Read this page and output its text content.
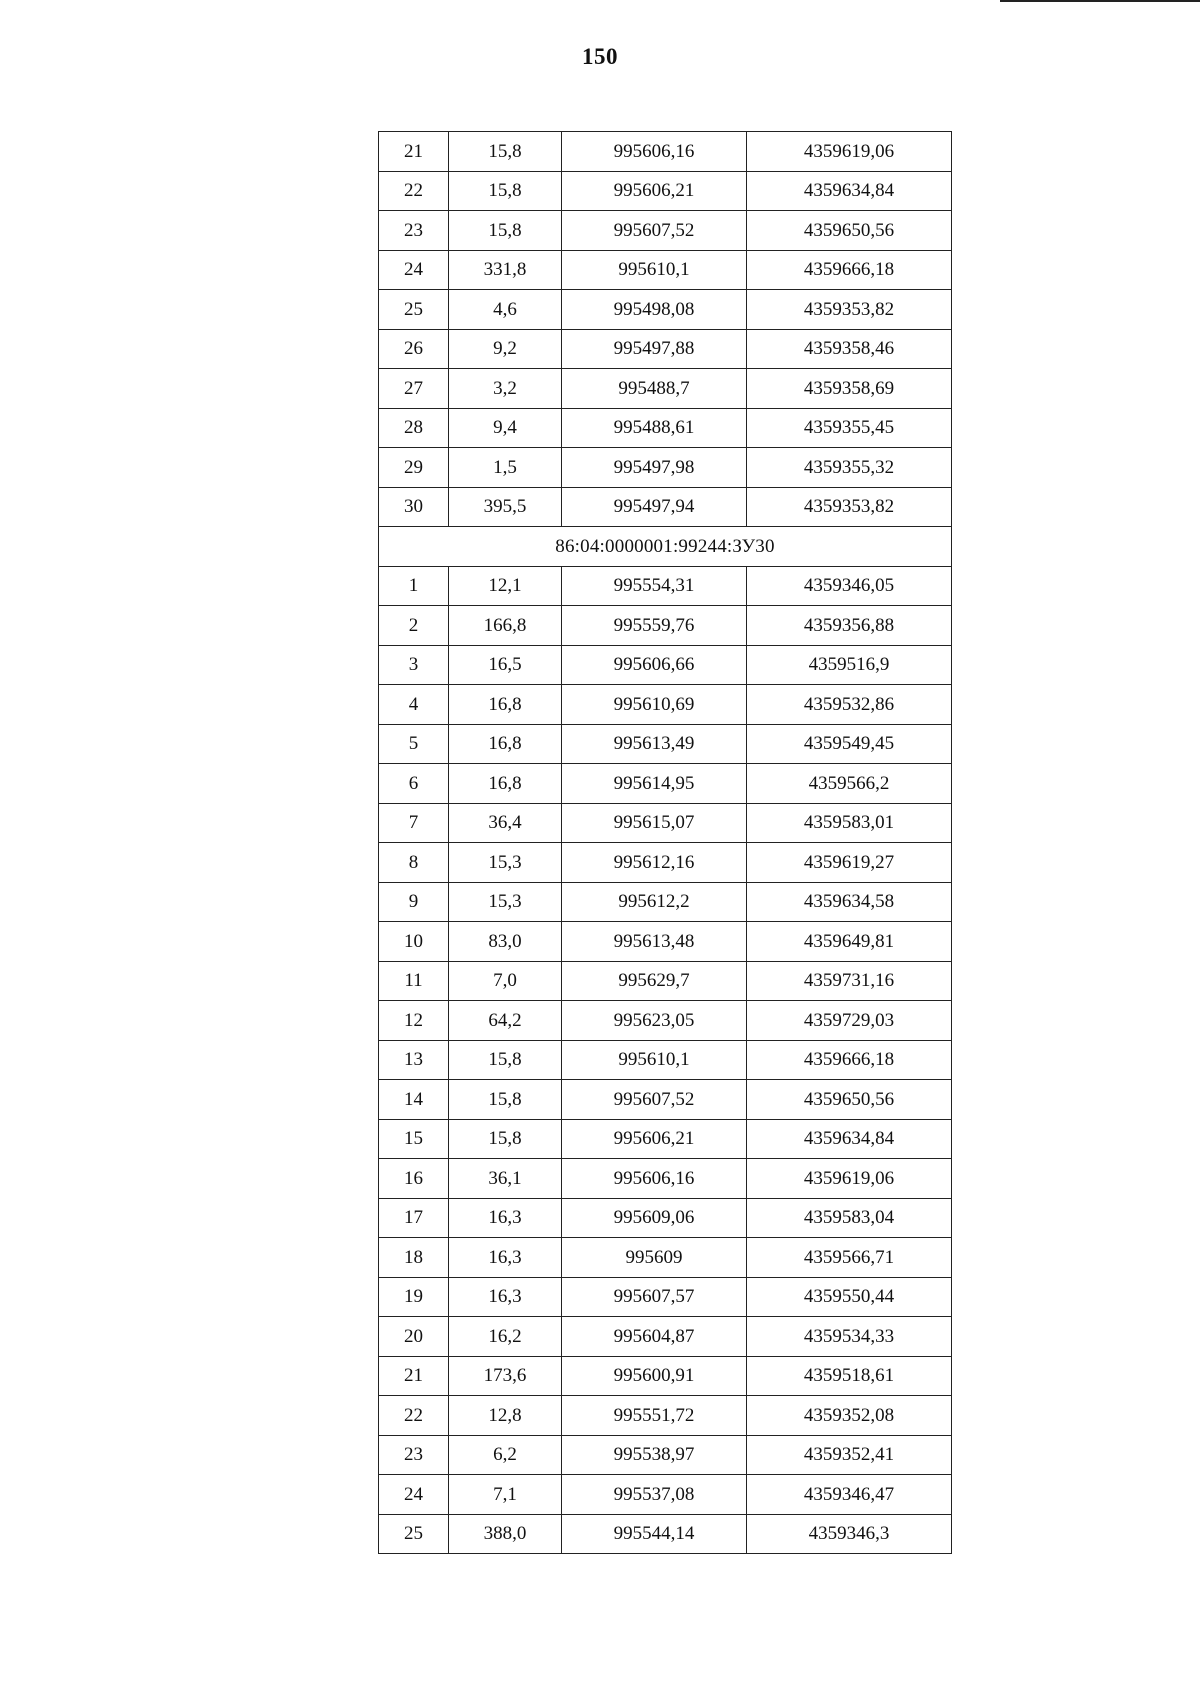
150
21	15,8	995606,16	4359619,06
22	15,8	995606,21	4359634,84
23	15,8	995607,52	4359650,56
24	331,8	995610,1	4359666,18
25	4,6	995498,08	4359353,82
26	9,2	995497,88	4359358,46
27	3,2	995488,7	4359358,69
28	9,4	995488,61	4359355,45
29	1,5	995497,98	4359355,32
30	395,5	995497,94	4359353,82
86:04:0000001:99244:ЗУ30			
1	12,1	995554,31	4359346,05
2	166,8	995559,76	4359356,88
3	16,5	995606,66	4359516,9
4	16,8	995610,69	4359532,86
5	16,8	995613,49	4359549,45
6	16,8	995614,95	4359566,2
7	36,4	995615,07	4359583,01
8	15,3	995612,16	4359619,27
9	15,3	995612,2	4359634,58
10	83,0	995613,48	4359649,81
11	7,0	995629,7	4359731,16
12	64,2	995623,05	4359729,03
13	15,8	995610,1	4359666,18
14	15,8	995607,52	4359650,56
15	15,8	995606,21	4359634,84
16	36,1	995606,16	4359619,06
17	16,3	995609,06	4359583,04
18	16,3	995609	4359566,71
19	16,3	995607,57	4359550,44
20	16,2	995604,87	4359534,33
21	173,6	995600,91	4359518,61
22	12,8	995551,72	4359352,08
23	6,2	995538,97	4359352,41
24	7,1	995537,08	4359346,47
25	388,0	995544,14	4359346,3
